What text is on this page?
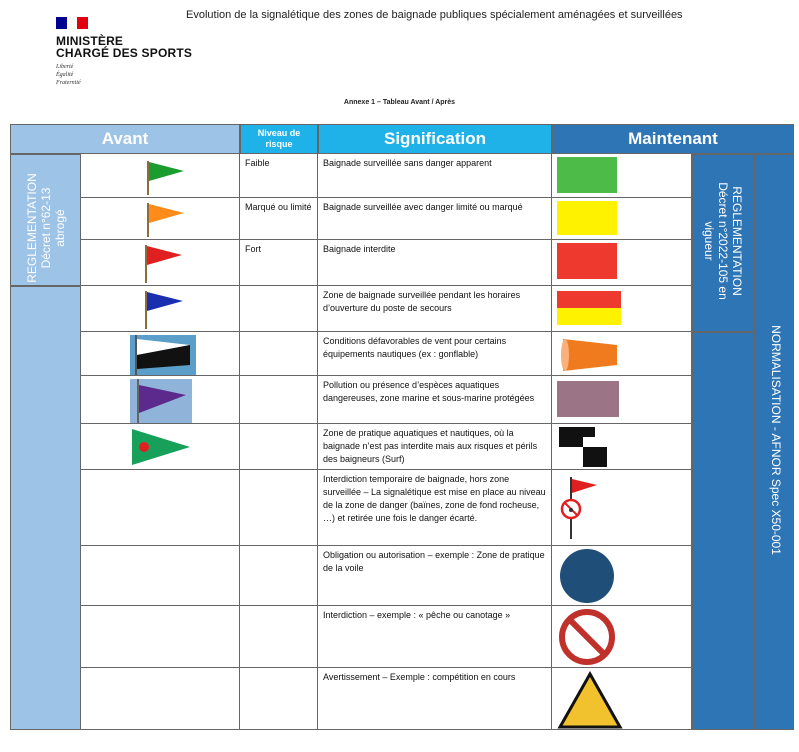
Evolution de la signalétique des zones de baignade publiques spécialement aménagées et surveillées
MINISTÈRE
CHARGÉ DES SPORTS
Liberté
Égalité
Fraternité
Annexe 1 – Tableau Avant / Après
Avant	Niveau de risque	Signification	Maintenant
REGLEMENTATION Décret n°62-13 abrogé	REGLEMENTATION
Décret n°2022-105 en
vigueur
NORMALISATION - AFNOR Spec X50-001
Faible	Baignade surveillée sans danger apparent
Marqué ou limité	Baignade surveillée avec danger limité ou marqué
Fort	Baignade interdite
Zone de baignade surveillée pendant les horaires d’ouverture du poste de secours
Conditions défavorables de vent pour certains équipements nautiques (ex : gonflable)
Pollution ou présence d’espèces aquatiques dangereuses, zone marine et sous-marine protégées
Zone de pratique aquatiques et nautiques, où la baignade n’est pas interdite mais aux risques et périls des baigneurs (Surf)
Interdiction temporaire de baignade, hors zone surveillée – La signalétique est mise en place au niveau de la zone de danger (baïnes, zone de fond rocheuse, …) et retirée une fois le danger écarté.
Obligation ou autorisation – exemple : Zone de pratique de la voile
Interdiction – exemple : « pêche ou canotage »
Avertissement – Exemple : compétition en cours
